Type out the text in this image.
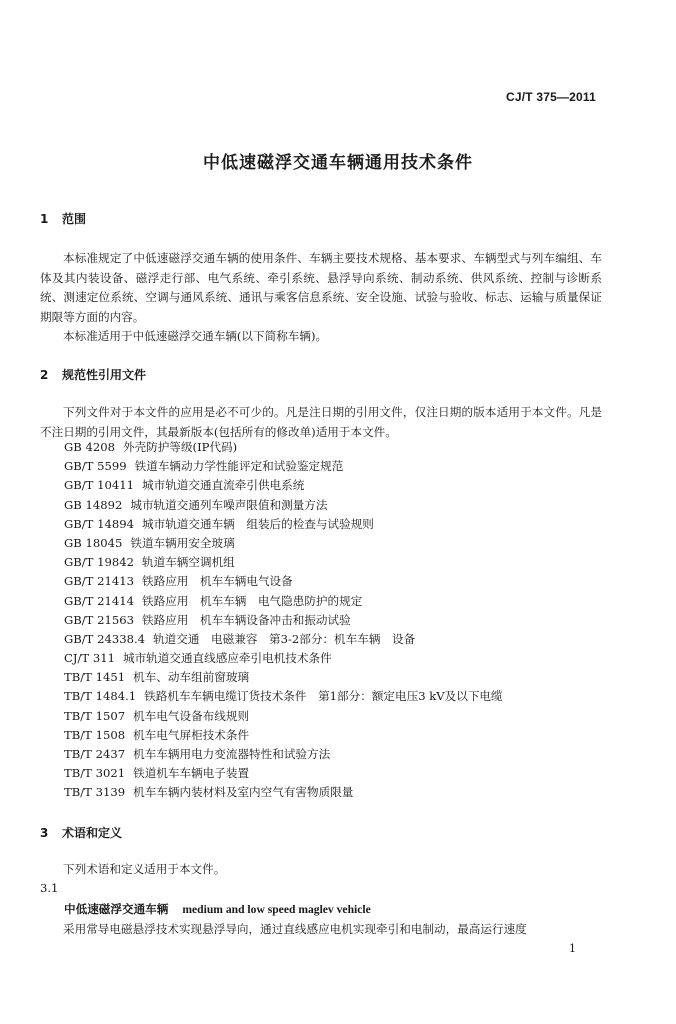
CJ/T 375—2011
中低速磁浮交通车辆通用技术条件
1 范围
本标准规定了中低速磁浮交通车辆的使用条件、车辆主要技术规格、基本要求、车辆型式与列车编组、车体及其内装设备、磁浮走行部、电气系统、牵引系统、悬浮导向系统、制动系统、供风系统、控制与诊断系统、测速定位系统、空调与通风系统、通讯与乘客信息系统、安全设施、试验与验收、标志、运输与质量保证期限等方面的内容。
本标准适用于中低速磁浮交通车辆(以下简称车辆)。
2 规范性引用文件
下列文件对于本文件的应用是必不可少的。凡是注日期的引用文件，仅注日期的版本适用于本文件。凡是不注日期的引用文件，其最新版本(包括所有的修改单)适用于本文件。
GB 4208 外壳防护等级(IP代码)
GB/T 5599 铁道车辆动力学性能评定和试验鉴定规范
GB/T 10411 城市轨道交通直流牵引供电系统
GB 14892 城市轨道交通列车噪声限值和测量方法
GB/T 14894 城市轨道交通车辆　组装后的检查与试验规则
GB 18045 铁道车辆用安全玻璃
GB/T 19842 轨道车辆空调机组
GB/T 21413 铁路应用　机车车辆电气设备
GB/T 21414 铁路应用　机车车辆　电气隐患防护的规定
GB/T 21563 铁路应用　机车车辆设备冲击和振动试验
GB/T 24338.4 轨道交通　电磁兼容　第3-2部分：机车车辆　设备
CJ/T 311 城市轨道交通直线感应牵引电机技术条件
TB/T 1451 机车、动车组前窗玻璃
TB/T 1484.1 铁路机车车辆电缆订货技术条件　第1部分：额定电压3 kV及以下电缆
TB/T 1507 机车电气设备布线规则
TB/T 1508 机车电气屏柜技术条件
TB/T 2437 机车车辆用电力变流器特性和试验方法
TB/T 3021 铁道机车车辆电子装置
TB/T 3139 机车车辆内装材料及室内空气有害物质限量
3 术语和定义
下列术语和定义适用于本文件。
3.1
中低速磁浮交通车辆 medium and low speed maglev vehicle
采用常导电磁悬浮技术实现悬浮导向，通过直线感应电机实现牵引和电制动，最高运行速度
1
